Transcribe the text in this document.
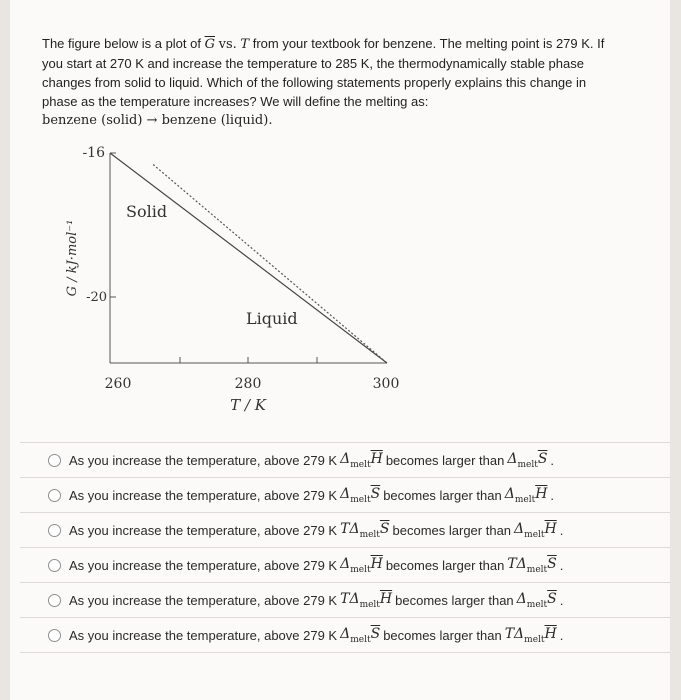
The figure below is a plot of $\overline{G}$ vs. T from your textbook for benzene. The melting point is 279 K. If
you start at 270 K and increase the temperature to 285 K, the thermodynamically stable phase
changes from solid to liquid. Which of the following statements properly explains this change in
phase as the temperature increases? We will define the melting as:
benzene (solid) → benzene (liquid).
-16
-20
260	280	300
T / K
G / kJ·mol⁻¹
Solid
Liquid
As you increase the temperature, above 279 K $\Delta_{melt}\overline{H}$ becomes larger than $\Delta_{melt}\overline{S}$ .
As you increase the temperature, above 279 K $\Delta_{melt}\overline{S}$ becomes larger than $\Delta_{melt}\overline{H}$ .
As you increase the temperature, above 279 K $T\Delta_{melt}\overline{S}$ becomes larger than $\Delta_{melt}\overline{H}$ .
As you increase the temperature, above 279 K $\Delta_{melt}\overline{H}$ becomes larger than $T\Delta_{melt}\overline{S}$ .
As you increase the temperature, above 279 K $T\Delta_{melt}\overline{H}$ becomes larger than $\Delta_{melt}\overline{S}$ .
As you increase the temperature, above 279 K $\Delta_{melt}\overline{S}$ becomes larger than $T\Delta_{melt}\overline{H}$ .
